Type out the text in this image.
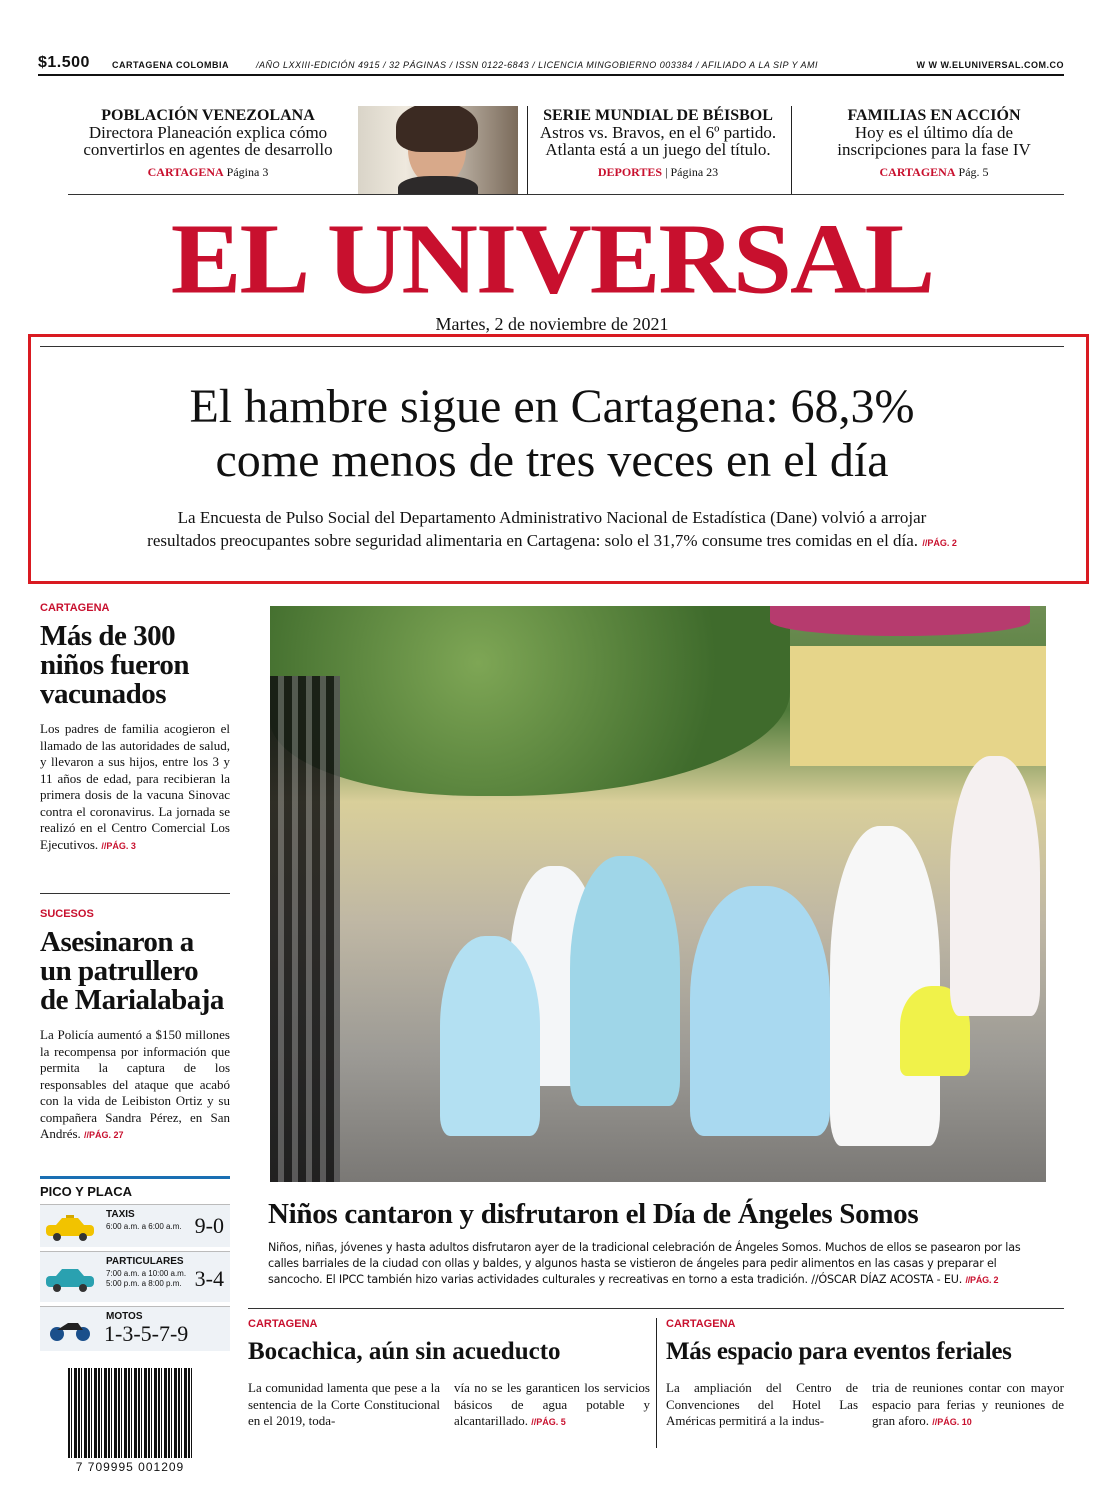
$1.500 CARTAGENA COLOMBIA	/AÑO LXXIII-EDICIÓN 4915 / 32 PÁGINAS / ISSN 0122-6843 / LICENCIA MINGOBIERNO 003384 / AFILIADO A LA SIP Y AMI	W W W.ELUNIVERSAL.COM.CO
POBLACIÓN VENEZOLANA
Directora Planeación explica cómo
convertirlos en agentes de desarrollo
CARTAGENA Página 3
SERIE MUNDIAL DE BÉISBOL
Astros vs. Bravos, en el 6º partido.
Atlanta está a un juego del título.
DEPORTES | Página 23
FAMILIAS EN ACCIÓN
Hoy es el último día de
inscripciones para la fase IV
CARTAGENA Pág. 5
EL UNIVERSAL
Martes, 2 de noviembre de 2021
El hambre sigue en Cartagena: 68,3%
come menos de tres veces en el día
La Encuesta de Pulso Social del Departamento Administrativo Nacional de Estadística (Dane) volvió a arrojar
resultados preocupantes sobre seguridad alimentaria en Cartagena: solo el 31,7% consume tres comidas en el día. //PÁG. 2
CARTAGENA
Más de 300
niños fueron
vacunados
Los padres de familia acogieron el llamado de las autoridades de salud, y llevaron a sus hijos, entre los 3 y 11 años de edad, para recibieran la primera dosis de la vacuna Sinovac contra el coronavirus. La jornada se realizó en el Centro Comercial Los Ejecutivos. //PÁG. 3
SUCESOS
Asesinaron a
un patrullero
de Marialabaja
La Policía aumentó a $150 millones la recompensa por información que permita la captura de los responsables del ataque que acabó con la vida de Leibiston Ortiz y su compañera Sandra Pérez, en San Andrés. //PÁG. 27
PICO Y PLACA
TAXIS
6:00 a.m. a 6:00 a.m. 9-0
PARTICULARES
7:00 a.m. a 10:00 a.m.
5:00 p.m. a 8:00 p.m. 3-4
MOTOS
1-3-5-7-9
7 709995 001209
Niños cantaron y disfrutaron el Día de Ángeles Somos
Niños, niñas, jóvenes y hasta adultos disfrutaron ayer de la tradicional celebración de Ángeles Somos. Muchos de ellos se pasearon por las calles barriales de la ciudad con ollas y baldes, y algunos hasta se vistieron de ángeles para pedir alimentos en las casas y preparar el sancocho. El IPCC también hizo varias actividades culturales y recreativas en torno a esta tradición. //ÓSCAR DÍAZ ACOSTA - EU. //PÁG. 2
CARTAGENA
Bocachica, aún sin acueducto
La comunidad lamenta que pese a la sentencia de la Corte Constitucional en el 2019, toda-
vía no se les garanticen los servicios básicos de agua potable y alcantarillado. //PÁG. 5
CARTAGENA
Más espacio para eventos feriales
La ampliación del Centro de Convenciones del Hotel Las Américas permitirá a la indus-
tria de reuniones contar con mayor espacio para ferias y reuniones de gran aforo. //PÁG. 10
